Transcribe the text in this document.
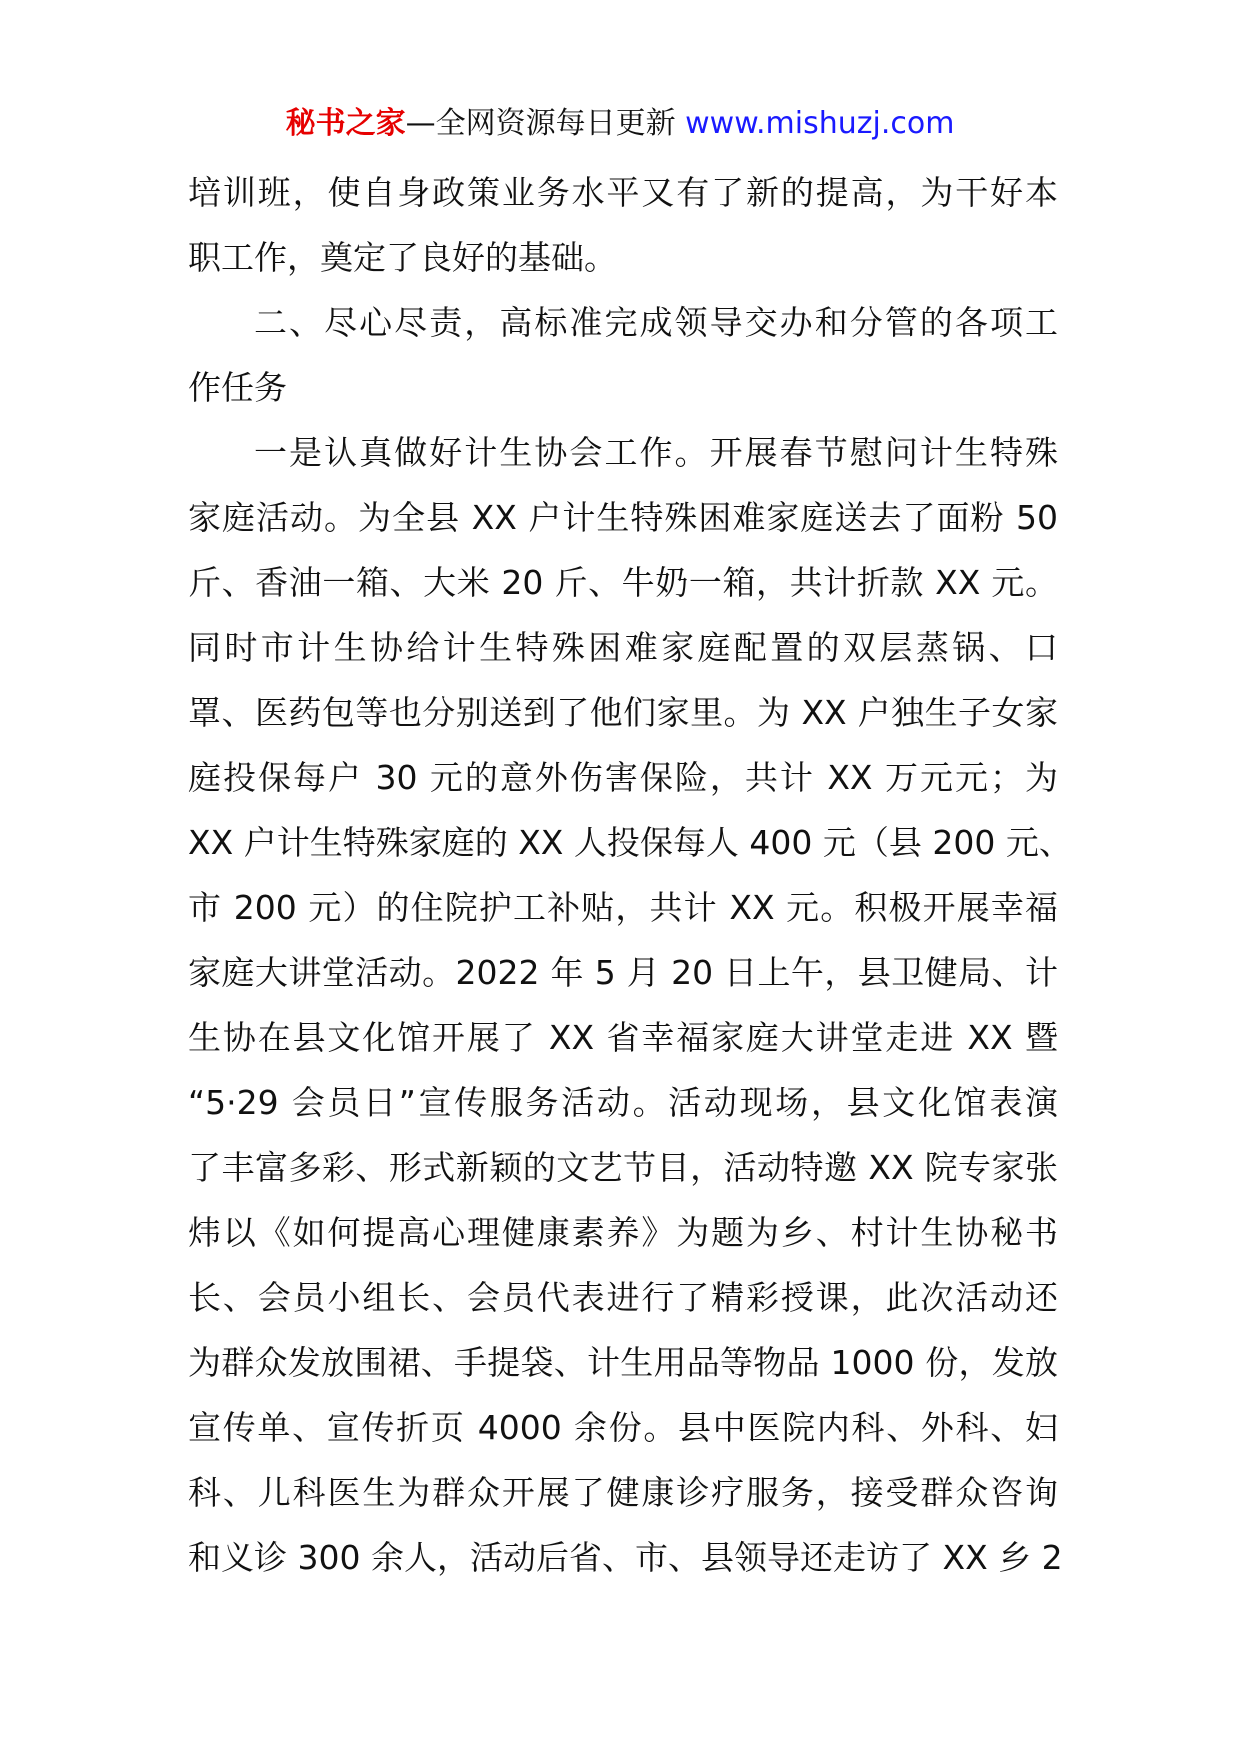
秘书之家—全网资源每日更新 www.mishuzj.com
培训班，使自身政策业务水平又有了新的提高，为干好本
职工作，奠定了良好的基础。
二、尽心尽责，高标准完成领导交办和分管的各项工
作任务
一是认真做好计生协会工作。开展春节慰问计生特殊
家庭活动。为全县 XX 户计生特殊困难家庭送去了面粉 50
斤、香油一箱、大米 20 斤、牛奶一箱，共计折款 XX 元。
同时市计生协给计生特殊困难家庭配置的双层蒸锅、口
罩、医药包等也分别送到了他们家里。为 XX 户独生子女家
庭投保每户 30 元的意外伤害保险，共计 XX 万元元；为
XX 户计生特殊家庭的 XX 人投保每人 400 元（县 200 元、
市 200 元）的住院护工补贴，共计 XX 元。积极开展幸福
家庭大讲堂活动。2022 年 5 月 20 日上午，县卫健局、计
生协在县文化馆开展了 XX 省幸福家庭大讲堂走进 XX 暨
“5·29 会员日”宣传服务活动。活动现场，县文化馆表演
了丰富多彩、形式新颖的文艺节目，活动特邀 XX 院专家张
炜以《如何提高心理健康素养》为题为乡、村计生协秘书
长、会员小组长、会员代表进行了精彩授课，此次活动还
为群众发放围裙、手提袋、计生用品等物品 1000 份，发放
宣传单、宣传折页 4000 余份。县中医院内科、外科、妇
科、儿科医生为群众开展了健康诊疗服务，接受群众咨询
和义诊 300 余人，活动后省、市、县领导还走访了 XX 乡 2
